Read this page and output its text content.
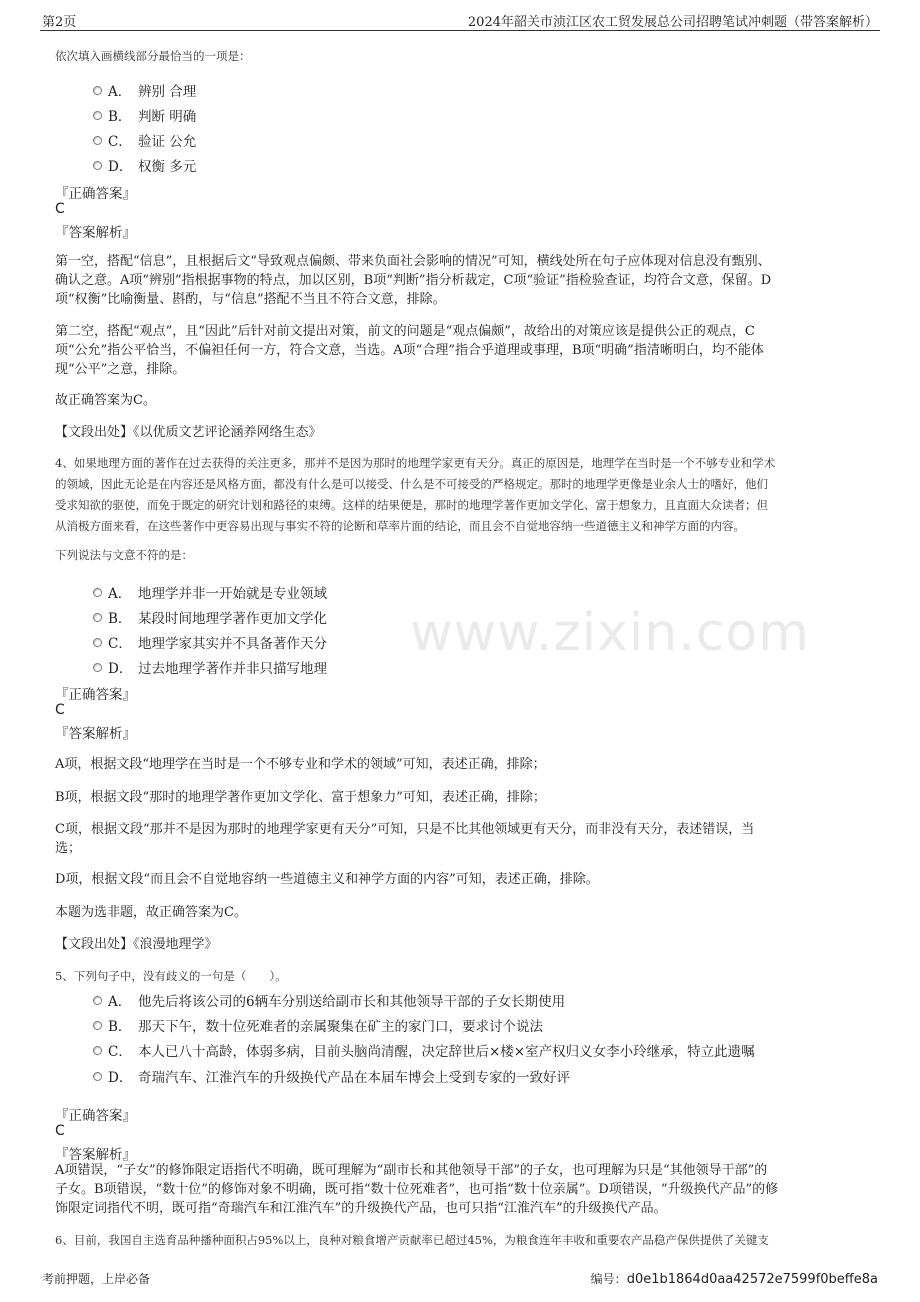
第2页	2024年韶关市浈江区农工贸发展总公司招聘笔试冲刺题（带答案解析）
依次填入画横线部分最恰当的一项是：
A． 辨别 合理
B． 判断 明确
C． 验证 公允
D． 权衡 多元
『正确答案』
C
『答案解析』
第一空，搭配“信息”，且根据后文“导致观点偏颇、带来负面社会影响的情况”可知，横线处所在句子应体现对信息没有甄别、
确认之意。A项“辨别”指根据事物的特点，加以区别，B项“判断”指分析裁定，C项“验证”指检验查证，均符合文意，保留。D
项“权衡”比喻衡量、斟酌，与“信息”搭配不当且不符合文意，排除。
第二空，搭配“观点”，且“因此”后针对前文提出对策，前文的问题是“观点偏颇”，故给出的对策应该是提供公正的观点，C
项“公允”指公平恰当，不偏袒任何一方，符合文意，当选。A项“合理”指合乎道理或事理，B项“明确”指清晰明白，均不能体
现“公平”之意，排除。
故正确答案为C。
【文段出处】《以优质文艺评论涵养网络生态》
4、如果地理方面的著作在过去获得的关注更多，那并不是因为那时的地理学家更有天分。真正的原因是，地理学在当时是一个不够专业和学术
的领域，因此无论是在内容还是风格方面，都没有什么是可以接受、什么是不可接受的严格规定。那时的地理学更像是业余人士的嗜好，他们
受求知欲的驱使，而免于既定的研究计划和路径的束缚。这样的结果便是，那时的地理学著作更加文学化、富于想象力，且直面大众读者；但
从消极方面来看，在这些著作中更容易出现与事实不符的论断和草率片面的结论，而且会不自觉地容纳一些道德主义和神学方面的内容。
下列说法与文意不符的是：
A． 地理学并非一开始就是专业领域
B． 某段时间地理学著作更加文学化
C． 地理学家其实并不具备著作天分
D． 过去地理学著作并非只描写地理
『正确答案』
C
『答案解析』
A项，根据文段“地理学在当时是一个不够专业和学术的领域”可知，表述正确，排除；
B项，根据文段“那时的地理学著作更加文学化、富于想象力”可知，表述正确，排除；
C项，根据文段“那并不是因为那时的地理学家更有天分”可知，只是不比其他领域更有天分，而非没有天分，表述错误，当
选；
D项，根据文段“而且会不自觉地容纳一些道德主义和神学方面的内容”可知，表述正确，排除。
本题为选非题，故正确答案为C。
【文段出处】《浪漫地理学》
5、下列句子中，没有歧义的一句是（　　）。
A． 他先后将该公司的6辆车分别送给副市长和其他领导干部的子女长期使用
B． 那天下午，数十位死难者的亲属聚集在矿主的家门口，要求讨个说法
C． 本人已八十高龄，体弱多病，目前头脑尚清醒，决定辞世后×楼×室产权归义女李小玲继承，特立此遗嘱
D． 奇瑞汽车、江淮汽车的升级换代产品在本届车博会上受到专家的一致好评
『正确答案』
C
『答案解析』
A项错误，“子女”的修饰限定语指代不明确，既可理解为“副市长和其他领导干部”的子女，也可理解为只是“其他领导干部”的
子女。B项错误，“数十位”的修饰对象不明确，既可指“数十位死难者”，也可指“数十位亲属”。D项错误，“升级换代产品”的修
饰限定词指代不明，既可指“奇瑞汽车和江淮汽车”的升级换代产品，也可只指“江淮汽车”的升级换代产品。
6、目前，我国自主选育品种播种面积占95%以上，良种对粮食增产贡献率已超过45%，为粮食连年丰收和重要农产品稳产保供提供了关键支
www.zixin.com
考前押题，上岸必备	编号：d0e1b1864d0aa42572e7599f0beffe8a
